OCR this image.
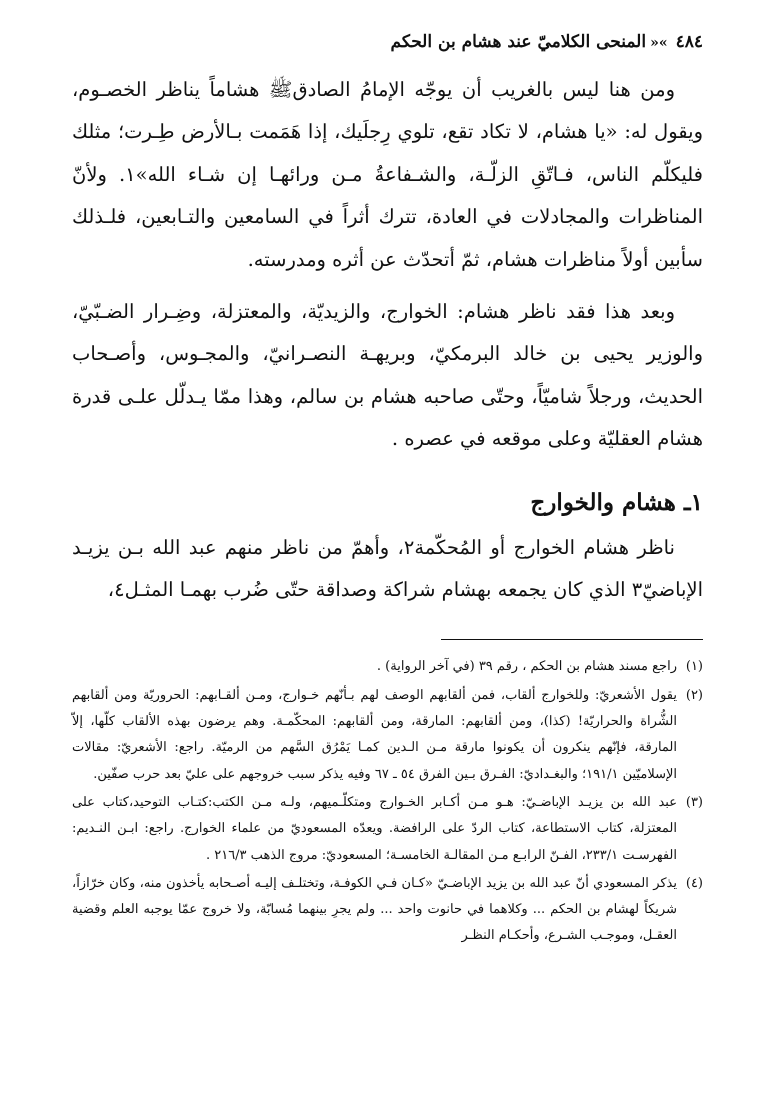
٤٨٤
»«
المنحى الكلاميّ عند هشام بن الحكم

ومن هنا ليس بالغريب أن يوجّه الإمامُ الصادقﷺ هشاماً يناظر الخصـوم، ويقول له: «يا هشام، لا تكاد تقع، تلوي رِجلَيك، إذا هَمَمت بـالأرض طِـرت؛ مثلك فليكلّم الناس، فـاتّقِ الزلّـة، والشـفاعةُ مـن ورائهـا إن شـاء الله»١. ولأنّ المناظرات والمجادلات في العادة، تترك أثراً في السامعين والتـابعين، فلـذلك سأبين أولاً مناظرات هشام، ثمّ أتحدّث عن أثره ومدرسته.

وبعد هذا فقد ناظر هشام: الخوارج، والزيديّة، والمعتزلة، وضِـرار الضـبّيّ، والوزير يحيى بن خالد البرمكيّ، وبريهـة النصـرانيّ، والمجـوس، وأصـحاب الحديث، ورجلاً شاميّاً، وحتّى صاحبه هشام بن سالم، وهذا ممّا يـدلّل علـى قدرة هشام العقليّة وعلى موقعه في عصره .

١ـ هشام والخوارج

ناظر هشام الخوارج أو المُحكّمة٢، وأهمّ من ناظر منهم عبد الله بـن يزيـد الإباضيّ٣ الذي كان يجمعه بهشام شراكة وصداقة حتّى ضُرب بهمـا المثـل٤،

(١)
راجع مسند هشام بن الحكم ، رقم ٣٩ (في آخر الرواية) .
(٢)
يقول الأشعريّ: وللخوارج ألقاب، فمن ألقابهم الوصف لهم بـأنّهم خـوارج، ومـن ألقـابهم: الحروريّة ومن ألقابهم الشُّراة والحراريّة! (كذا)، ومن ألقابهم: المارقة، ومن ألقابهم: المحكّمـة. وهم يرضون بهذه الألقاب كلّها، إلاّ المارقة، فإنّهم ينكرون أن يكونوا مارقة مـن الـدين كمـا يَمْرُق السَّهم من الرميّة. راجع: الأشعريّ: مقالات الإسلاميّين ١٩١/١؛ والبغـداديّ: الفـرق بـين الفرق ٥٤ ـ ٦٧ وفيه يذكر سبب خروجهم على عليّ بعد حرب صفّين.
(٣)
عبد الله بن يزيـد الإباضـيّ: هـو مـن أكـابر الخـوارج ومتكلّـميهم، ولـه مـن الكتب:كتـاب التوحيد،كتاب على المعتزلة، كتاب الاستطاعة، كتاب الردّ على الرافضة. ويعدّه المسعوديّ من علماء الخوارج. راجع: ابـن النـديم: الفهرسـت ٢٣٣/١، الفـنّ الرابـع مـن المقالـة الخامسـة؛ المسعوديّ: مروج الذهب ٢١٦/٣ .
(٤)
يذكر المسعودي أنّ عبد الله بن يزيد الإباضـيّ «كـان فـي الكوفـة، وتختلـف إليـه أصـحابه يأخذون منه، وكان خرّازاً، شريكاً لهشام بن الحكم ... وكلاهما في حانوت واحد ... ولم يجرِ بينهما مُسابّة، ولا خروج عمّا يوجبه العلم وقضية العقـل، وموجـب الشـرع، وأحكـام النظـر
